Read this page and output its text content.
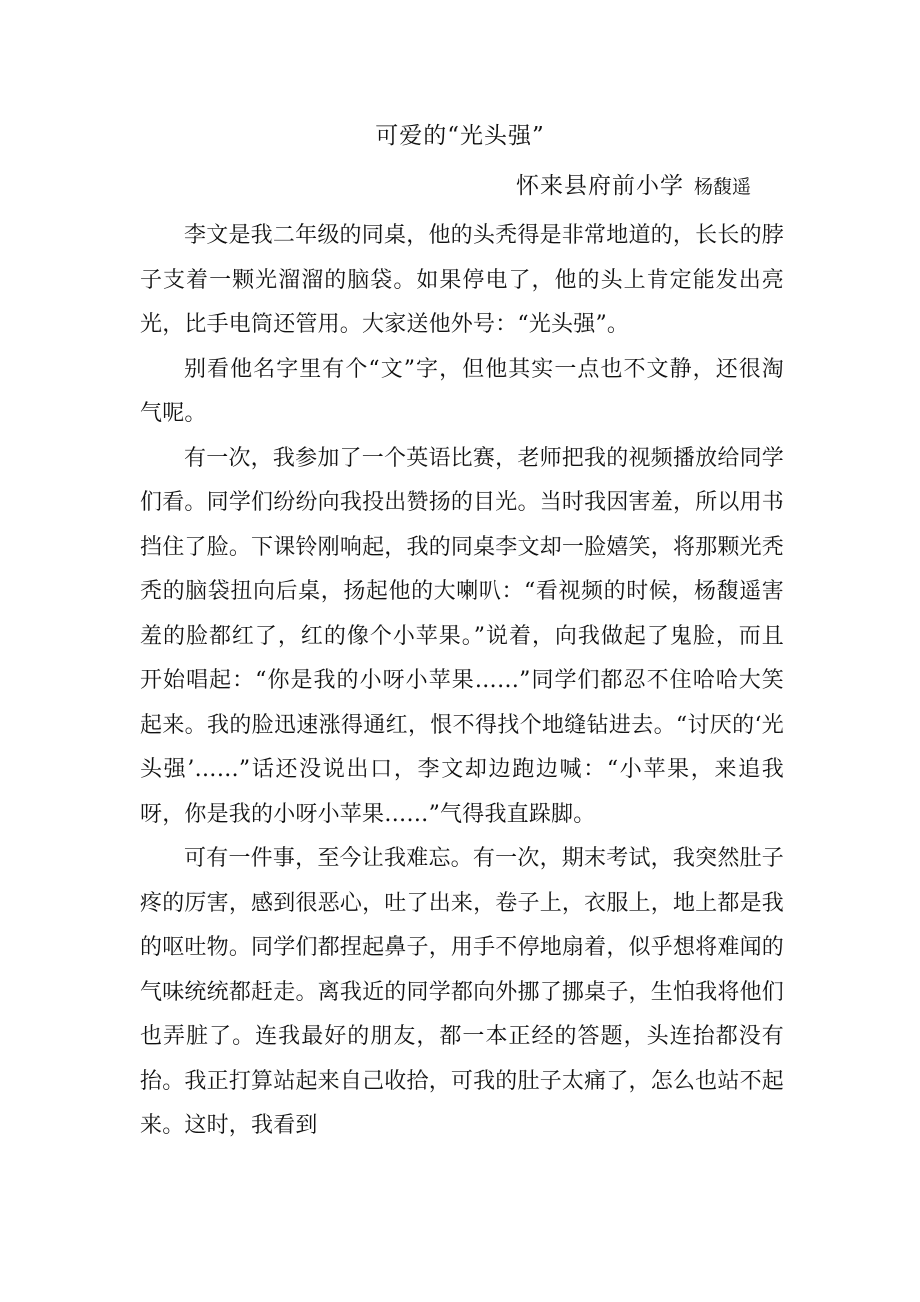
可爱的“光头强”
怀来县府前小学 杨馥遥

李文是我二年级的同桌，他的头秃得是非常地道的，长长的脖子支着一颗光溜溜的脑袋。如果停电了，他的头上肯定能发出亮光，比手电筒还管用。大家送他外号：“光头强”。

别看他名字里有个“文”字，但他其实一点也不文静，还很淘气呢。

有一次，我参加了一个英语比赛，老师把我的视频播放给同学们看。同学们纷纷向我投出赞扬的目光。当时我因害羞，所以用书挡住了脸。下课铃刚响起，我的同桌李文却一脸嬉笑，将那颗光秃秃的脑袋扭向后桌，扬起他的大喇叭：“看视频的时候，杨馥遥害羞的脸都红了，红的像个小苹果。”说着，向我做起了鬼脸，而且开始唱起：“你是我的小呀小苹果……”同学们都忍不住哈哈大笑起来。我的脸迅速涨得通红，恨不得找个地缝钻进去。“讨厌的‘光头强’……”话还没说出口，李文却边跑边喊：“小苹果，来追我呀，你是我的小呀小苹果……”气得我直跺脚。

可有一件事，至今让我难忘。有一次，期末考试，我突然肚子疼的厉害，感到很恶心，吐了出来，卷子上，衣服上，地上都是我的呕吐物。同学们都捏起鼻子，用手不停地扇着，似乎想将难闻的气味统统都赶走。离我近的同学都向外挪了挪桌子，生怕我将他们也弄脏了。连我最好的朋友，都一本正经的答题，头连抬都没有抬。我正打算站起来自己收拾，可我的肚子太痛了，怎么也站不起来。这时，我看到
